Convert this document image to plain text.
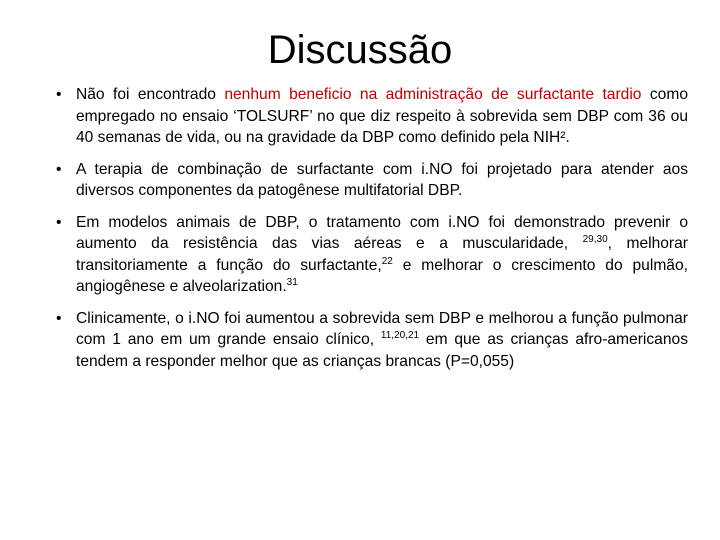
Discussão
• Não foi encontrado nenhum beneficio na administração de surfactante tardio como empregado no ensaio ‘TOLSURF’ no que diz respeito à sobrevida sem DBP com 36 ou 40 semanas de vida, ou na gravidade da DBP como definido pela NIH².
• A terapia de combinação de surfactante com i.NO foi projetado para atender aos diversos componentes da patogênese multifatorial DBP.
• Em modelos animais de DBP, o tratamento com i.NO foi demonstrado prevenir o aumento da resistência das vias aéreas e a muscularidade, $^{29,30}$, melhorar transitoriamente a função do surfactante,$^{22}$ e melhorar o crescimento do pulmão, angiogênese e alveolarization.$^{31}$
• Clinicamente, o i.NO foi aumentou a sobrevida sem DBP e melhorou a função pulmonar com 1 ano em um grande ensaio clínico, $^{11,20,21}$ em que as crianças afro-americanos tendem a responder melhor que as crianças brancas (P=0,055)
